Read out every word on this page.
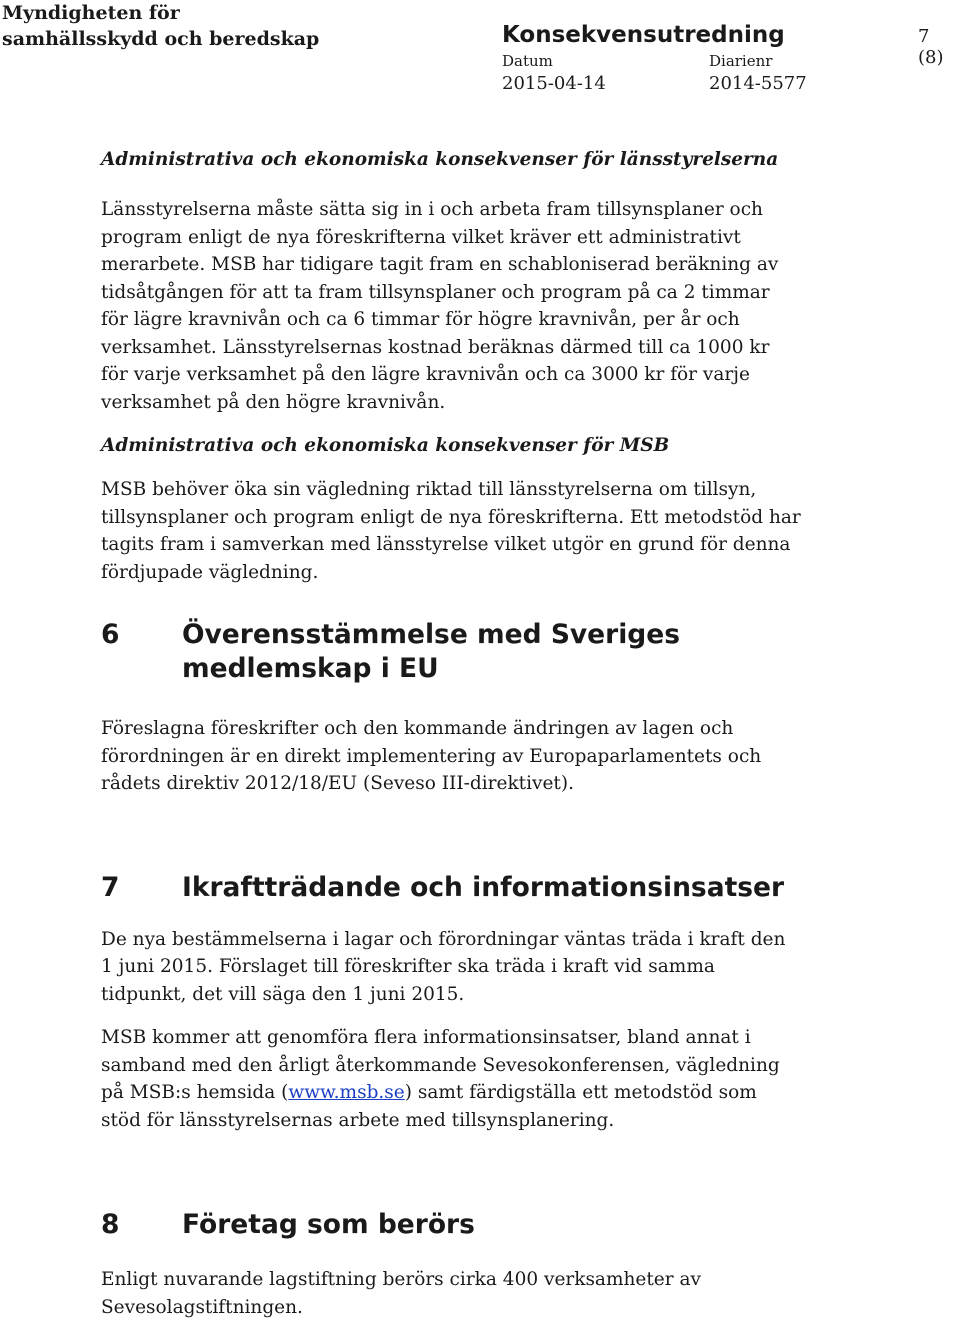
Myndigheten för
samhällsskydd och beredskap	Konsekvensutredning	7 (8)
Datum	Diarienr
2015-04-14	2014-5577
Administrativa och ekonomiska konsekvenser för länsstyrelserna

Länsstyrelserna måste sätta sig in i och arbeta fram tillsynsplaner och program enligt de nya föreskrifterna vilket kräver ett administrativt merarbete. MSB har tidigare tagit fram en schabloniserad beräkning av tidsåtgången för att ta fram tillsynsplaner och program på ca 2 timmar för lägre kravnivån och ca 6 timmar för högre kravnivån, per år och verksamhet. Länsstyrelsernas kostnad beräknas därmed till ca 1000 kr för varje verksamhet på den lägre kravnivån och ca 3000 kr för varje verksamhet på den högre kravnivån.

Administrativa och ekonomiska konsekvenser för MSB

MSB behöver öka sin vägledning riktad till länsstyrelserna om tillsyn, tillsynsplaner och program enligt de nya föreskrifterna. Ett metodstöd har tagits fram i samverkan med länsstyrelse vilket utgör en grund för denna fördjupade vägledning.

6	Överensstämmelse med Sveriges medlemskap i EU

Föreslagna föreskrifter och den kommande ändringen av lagen och förordningen är en direkt implementering av Europaparlamentets och rådets direktiv 2012/18/EU (Seveso III-direktivet).

7	Ikraftträdande och informationsinsatser

De nya bestämmelserna i lagar och förordningar väntas träda i kraft den 1 juni 2015. Förslaget till föreskrifter ska träda i kraft vid samma tidpunkt, det vill säga den 1 juni 2015.

MSB kommer att genomföra flera informationsinsatser, bland annat i samband med den årligt återkommande Sevesokonferensen, vägledning på MSB:s hemsida (www.msb.se) samt färdigställa ett metodstöd som stöd för länsstyrelsernas arbete med tillsynsplanering.

8	Företag som berörs

Enligt nuvarande lagstiftning berörs cirka 400 verksamheter av Sevesolagstiftningen.
